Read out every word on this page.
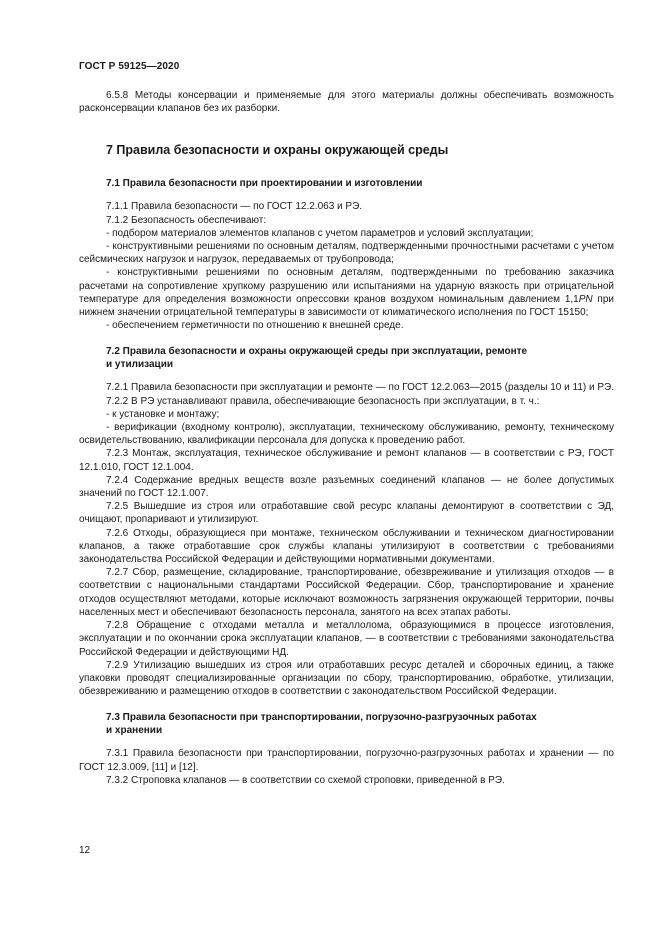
ГОСТ Р 59125—2020

6.5.8 Методы консервации и применяемые для этого материалы должны обеспечивать возможность расконсервации клапанов без их разборки.

7 Правила безопасности и охраны окружающей среды
7.1 Правила безопасности при проектировании и изготовлении

7.1.1 Правила безопасности — по ГОСТ 12.2.063 и РЭ.

7.1.2 Безопасность обеспечивают:

- подбором материалов элементов клапанов с учетом параметров и условий эксплуатации;

- конструктивными решениями по основным деталям, подтвержденными прочностными расчетами с учетом сейсмических нагрузок и нагрузок, передаваемых от трубопровода;

- конструктивными решениями по основным деталям, подтвержденными по требованию заказчика расчетами на сопротивление хрупкому разрушению или испытаниями на ударную вязкость при отрицательной температуре для определения возможности опрессовки кранов воздухом номинальным давлением 1,1PN при нижнем значении отрицательной температуры в зависимости от климатического исполнения по ГОСТ 15150;

- обеспечением герметичности по отношению к внешней среде.

7.2 Правила безопасности и охраны окружающей среды при эксплуатации, ремонте
и утилизации

7.2.1 Правила безопасности при эксплуатации и ремонте — по ГОСТ 12.2.063—2015 (разделы 10 и 11) и РЭ.

7.2.2 В РЭ устанавливают правила, обеспечивающие безопасность при эксплуатации, в т. ч.:

- к установке и монтажу;

- верификации (входному контролю), эксплуатации, техническому обслуживанию, ремонту, техническому освидетельствованию, квалификации персонала для допуска к проведению работ.

7.2.3 Монтаж, эксплуатация, техническое обслуживание и ремонт клапанов — в соответствии с РЭ, ГОСТ 12.1.010, ГОСТ 12.1.004.

7.2.4 Содержание вредных веществ возле разъемных соединений клапанов — не более допустимых значений по ГОСТ 12.1.007.

7.2.5 Вышедшие из строя или отработавшие свой ресурс клапаны демонтируют в соответствии с ЭД, очищают, пропаривают и утилизируют.

7.2.6 Отходы, образующиеся при монтаже, техническом обслуживании и техническом диагностировании клапанов, а также отработавшие срок службы клапаны утилизируют в соответствии с требованиями законодательства Российской Федерации и действующими нормативными документами.

7.2.7 Сбор, размещение, складирование, транспортирование, обезвреживание и утилизация отходов — в соответствии с национальными стандартами Российской Федерации. Сбор, транспортирование и хранение отходов осуществляют методами, которые исключают возможность загрязнения окружающей территории, почвы населенных мест и обеспечивают безопасность персонала, занятого на всех этапах работы.

7.2.8 Обращение с отходами металла и металлолома, образующимися в процессе изготовления, эксплуатации и по окончании срока эксплуатации клапанов, — в соответствии с требованиями законодательства Российской Федерации и действующими НД.

7.2.9 Утилизацию вышедших из строя или отработавших ресурс деталей и сборочных единиц, а также упаковки проводят специализированные организации по сбору, транспортированию, обработке, утилизации, обезвреживанию и размещению отходов в соответствии с законодательством Российской Федерации.

7.3 Правила безопасности при транспортировании, погрузочно-разгрузочных работах
и хранении

7.3.1 Правила безопасности при транспортировании, погрузочно-разгрузочных работах и хранении — по ГОСТ 12.3.009, [11] и [12].

7.3.2 Строповка клапанов — в соответствии со схемой строповки, приведенной в РЭ.

12
